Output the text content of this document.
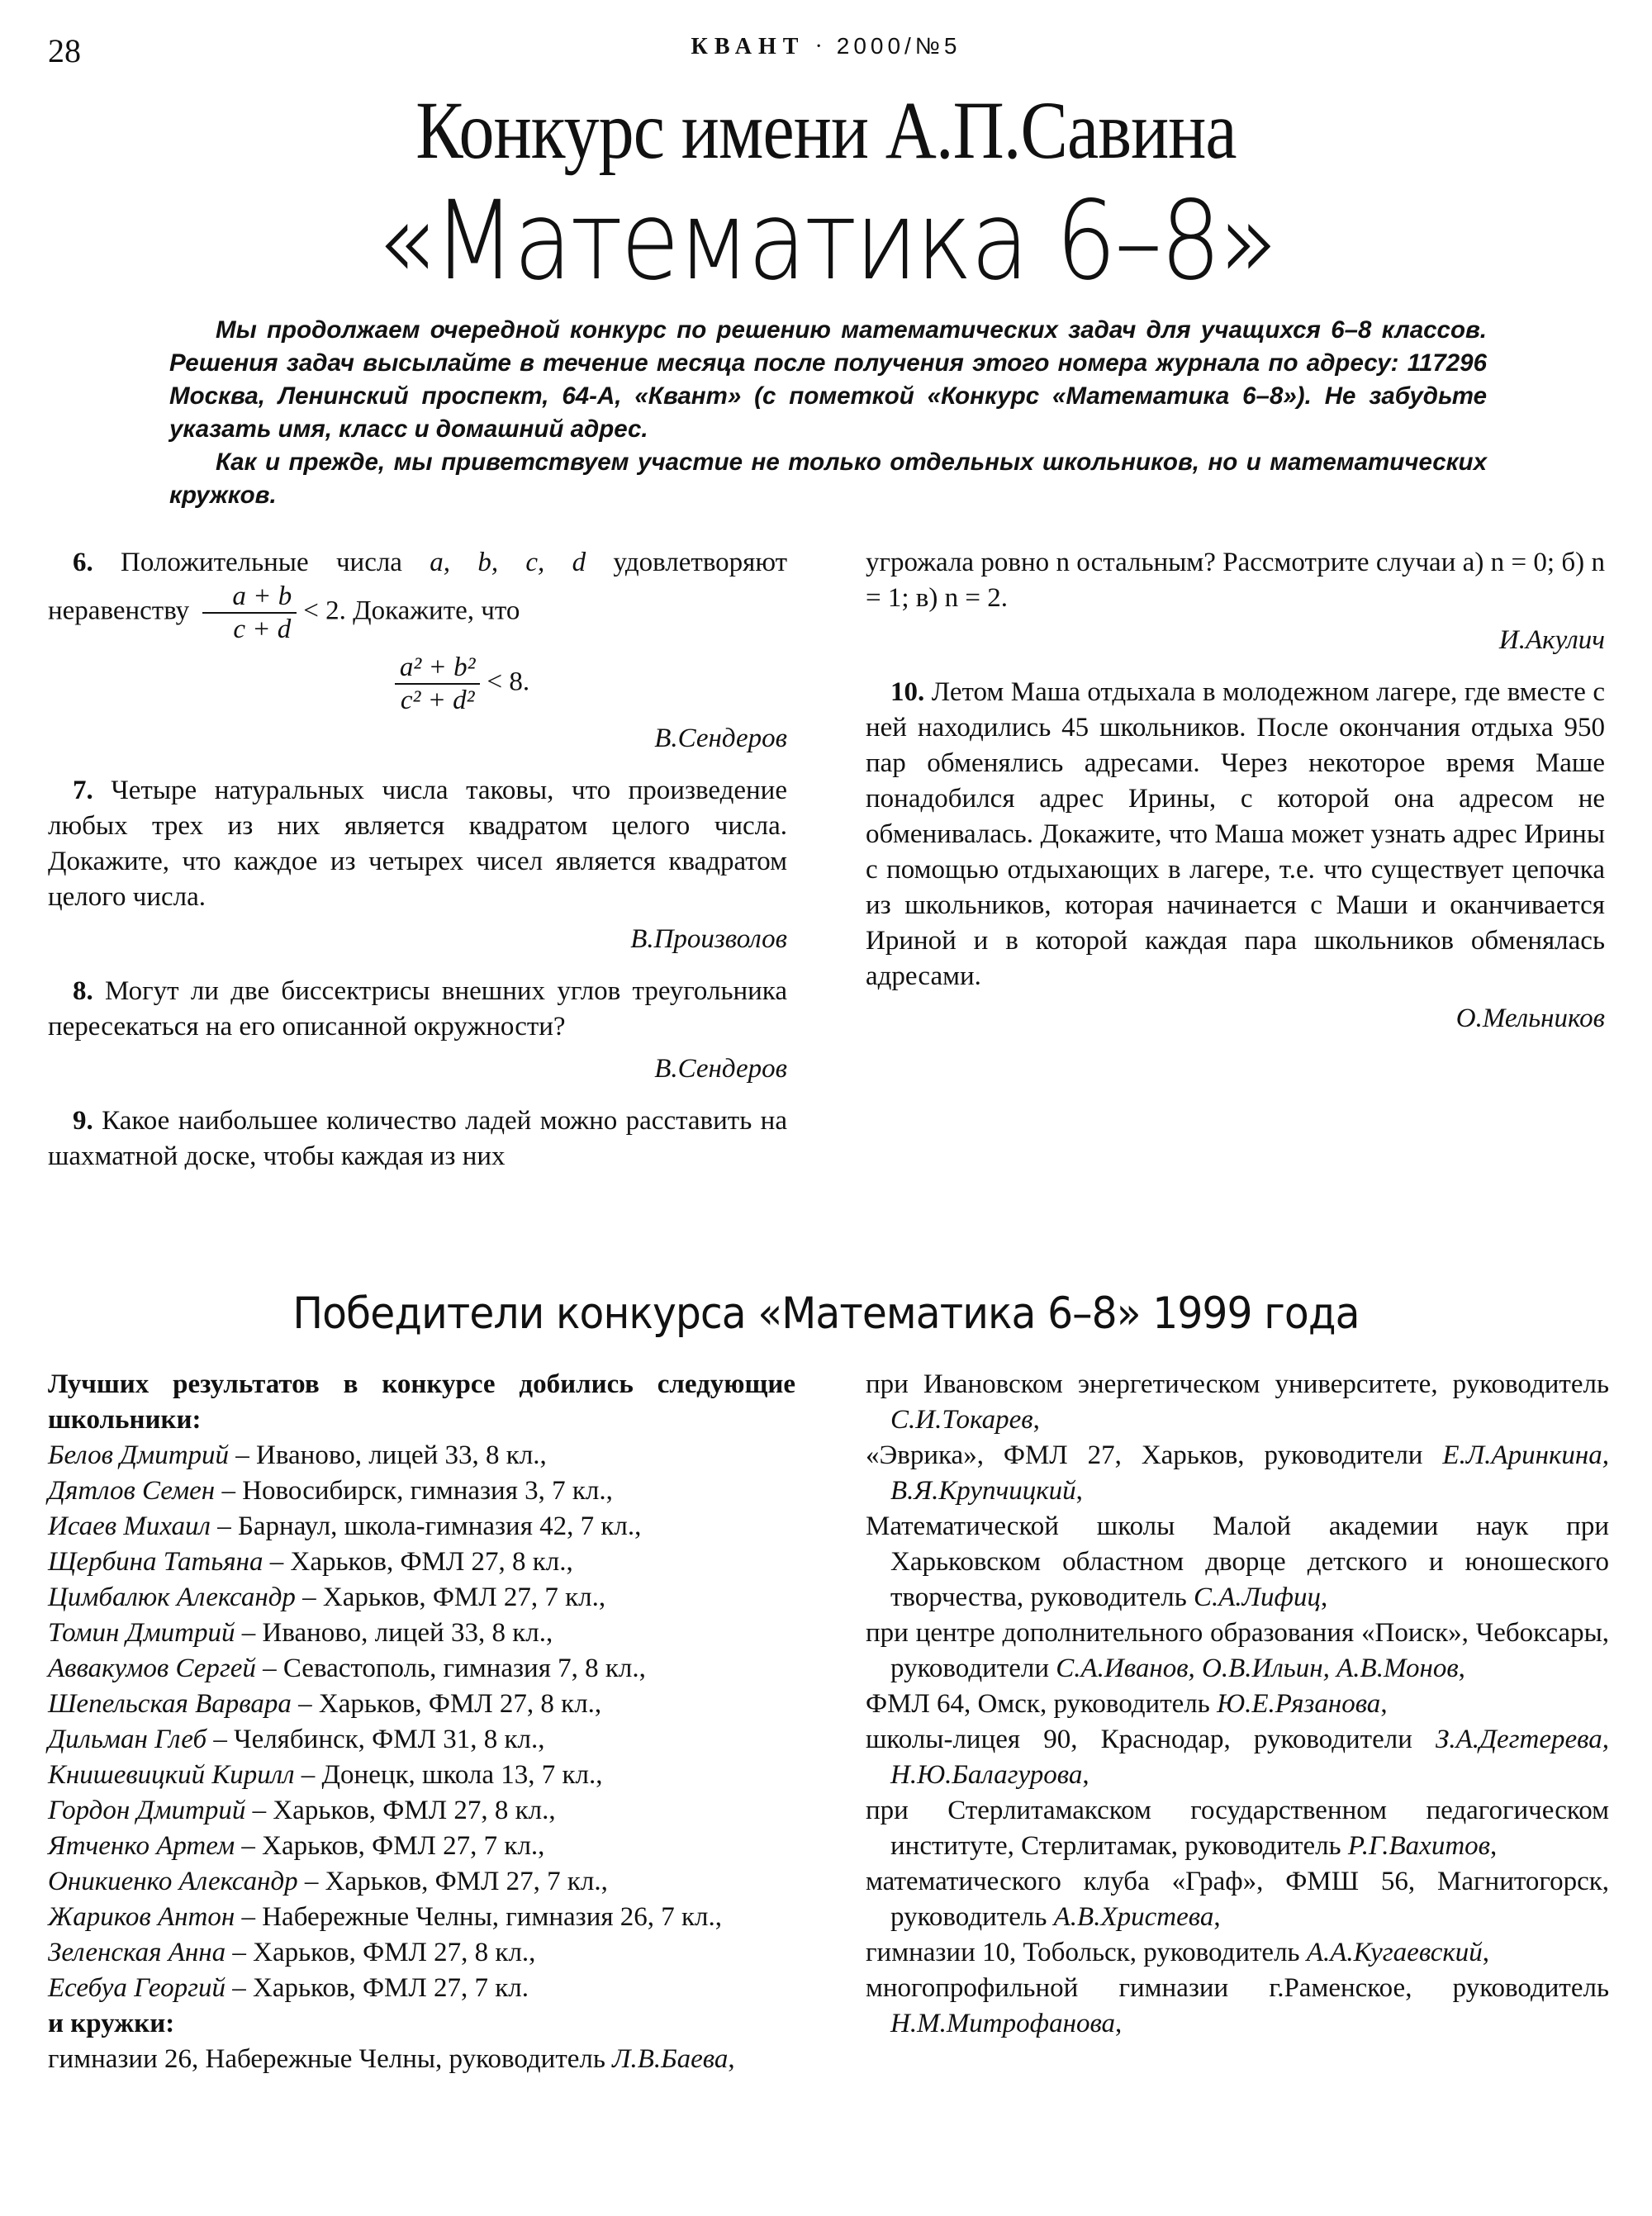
28	КВАНТ · 2000/№5
Конкурс имени А.П.Савина
«Математика 6–8»

Мы продолжаем очередной конкурс по решению математических задач для учащихся 6–8 классов. Решения задач высылайте в течение месяца после получения этого номера журнала по адресу: 117296 Москва, Ленинский проспект, 64-А, «Квант» (с пометкой «Конкурс «Математика 6–8»). Не забудьте указать имя, класс и домашний адрес.

Как и прежде, мы приветствуем участие не только отдельных школьников, но и математических кружков.

6. Положительные числа a, b, c, d удовлетворяют неравенству $\frac{a + b}{c + d} < 2$. Докажите, что
$\frac{\text{a² + b²}}{\text{c² + d²}} < 8$.
В.Сендеров
7. Четыре натуральных числа таковы, что произведение любых трех из них является квадратом целого числа. Докажите, что каждое из четырех чисел является квадратом целого числа.
В.Произволов
8. Могут ли две биссектрисы внешних углов треугольника пересекаться на его описанной окружности?
В.Сендеров
9. Какое наибольшее количество ладей можно расставить на шахматной доске, чтобы каждая из них
угрожала ровно n остальным? Рассмотрите случаи а) n = 0; б) n = 1; в) n = 2.
И.Акулич
10. Летом Маша отдыхала в молодежном лагере, где вместе с ней находились 45 школьников. После окончания отдыха 950 пар обменялись адресами. Через некоторое время Маше понадобился адрес Ирины, с которой она адресом не обменивалась. Докажите, что Маша может узнать адрес Ирины с помощью отдыхающих в лагере, т.е. что существует цепочка из школьников, которая начинается с Маши и оканчивается Ириной и в которой каждая пара школьников обменялась адресами.
О.Мельников
Победители конкурса «Математика 6–8» 1999 года

Лучших результатов в конкурсе добились следующие школьники:

Белов Дмитрий – Иваново, лицей 33, 8 кл.,

Дятлов Семен – Новосибирск, гимназия 3, 7 кл.,

Исаев Михаил – Барнаул, школа-гимназия 42, 7 кл.,

Щербина Татьяна – Харьков, ФМЛ 27, 8 кл.,

Цимбалюк Александр – Харьков, ФМЛ 27, 7 кл.,

Томин Дмитрий – Иваново, лицей 33, 8 кл.,

Аввакумов Сергей – Севастополь, гимназия 7, 8 кл.,

Шепельская Варвара – Харьков, ФМЛ 27, 8 кл.,

Дильман Глеб – Челябинск, ФМЛ 31, 8 кл.,

Книшевицкий Кирилл – Донецк, школа 13, 7 кл.,

Гордон Дмитрий – Харьков, ФМЛ 27, 8 кл.,

Ятченко Артем – Харьков, ФМЛ 27, 7 кл.,

Оникиенко Александр – Харьков, ФМЛ 27, 7 кл.,

Жариков Антон – Набережные Челны, гимназия 26, 7 кл.,

Зеленская Анна – Харьков, ФМЛ 27, 8 кл.,

Есебуа Георгий – Харьков, ФМЛ 27, 7 кл.

и кружки:

гимназии 26, Набережные Челны, руководитель Л.В.Баева,

при Ивановском энергетическом университете, руководитель С.И.Токарев,

«Эврика», ФМЛ 27, Харьков, руководители Е.Л.Аринкина, В.Я.Крупчицкий,

Математической школы Малой академии наук при Харьковском областном дворце детского и юношеского творчества, руководитель С.А.Лифиц,

при центре дополнительного образования «Поиск», Чебоксары, руководители С.А.Иванов, О.В.Ильин, А.В.Монов,

ФМЛ 64, Омск, руководитель Ю.Е.Рязанова,

школы-лицея 90, Краснодар, руководители З.А.Дегтерева, Н.Ю.Балагурова,

при Стерлитамакском государственном педагогическом институте, Стерлитамак, руководитель Р.Г.Вахитов,

математического клуба «Граф», ФМШ 56, Магнитогорск, руководитель А.В.Христева,

гимназии 10, Тобольск, руководитель А.А.Кугаевский,

многопрофильной гимназии г.Раменское, руководитель Н.М.Митрофанова,
